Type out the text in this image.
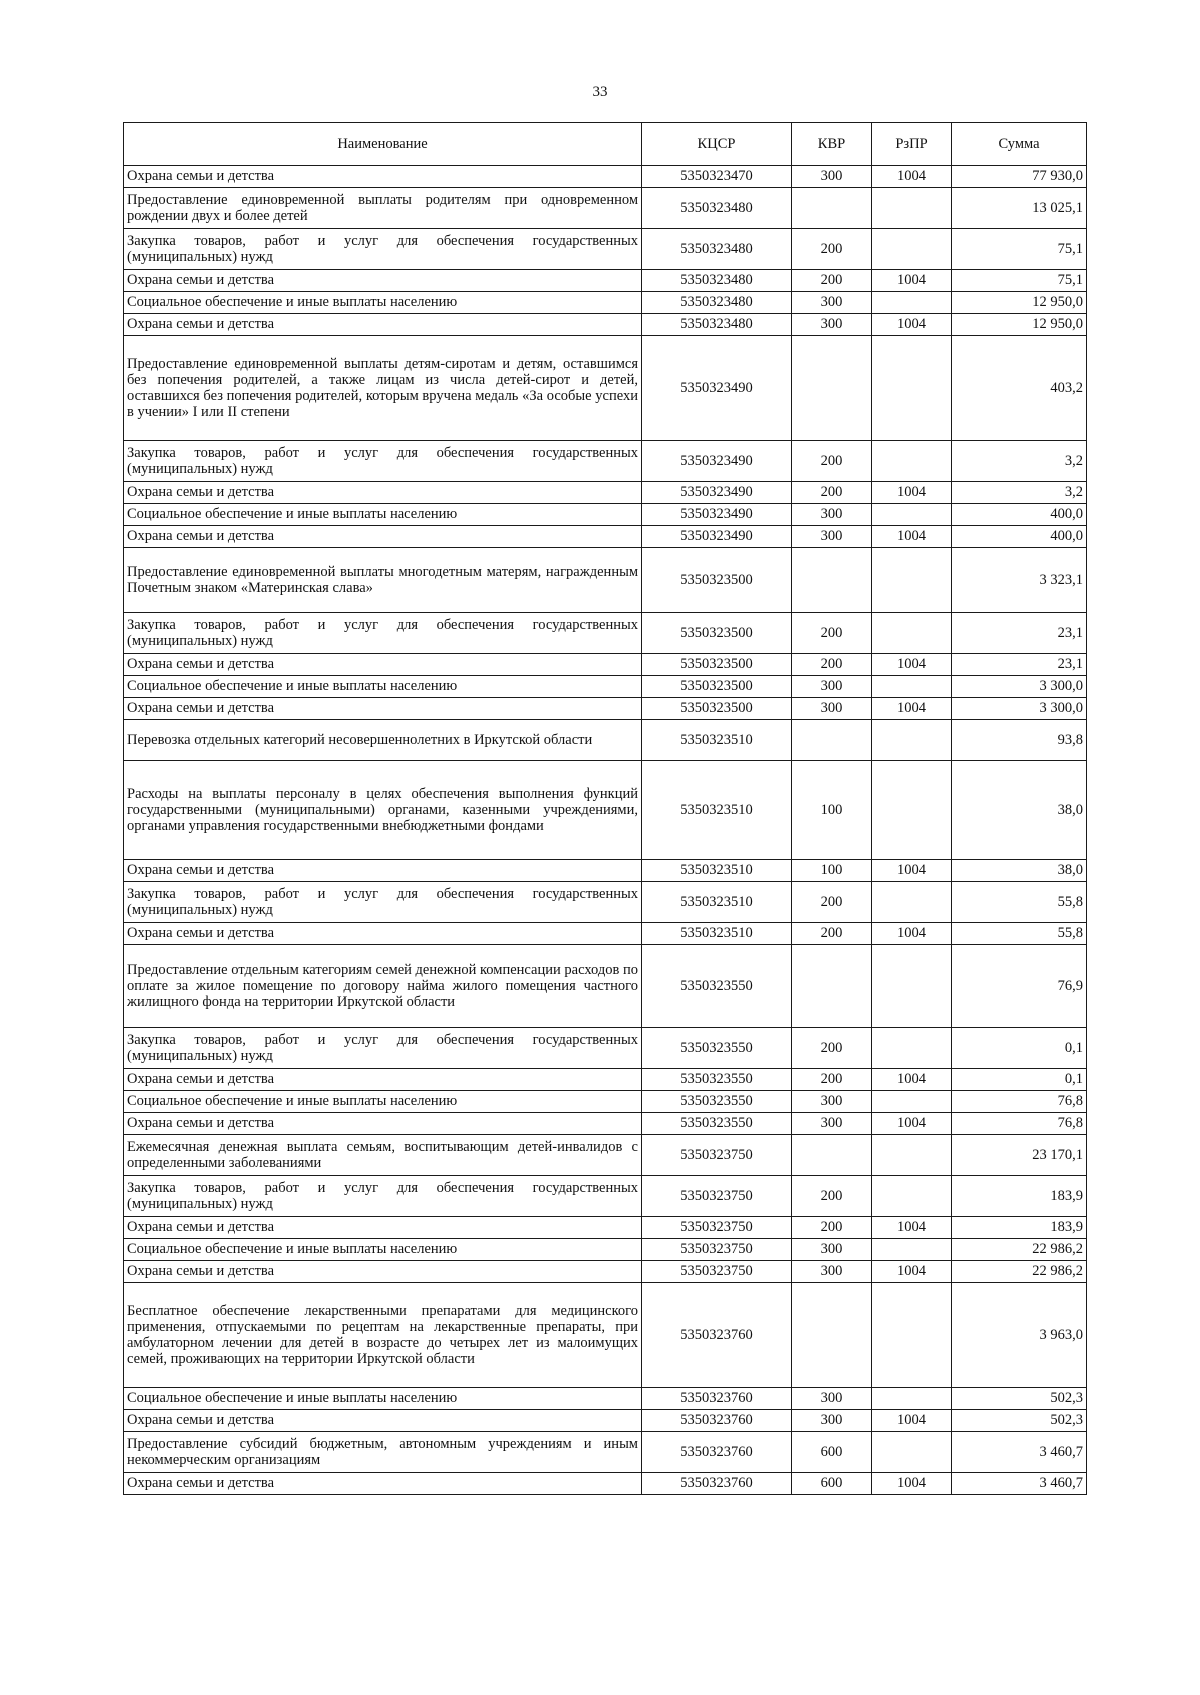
33
Наименование	КЦСР	КВР	РзПР	Сумма
Охрана семьи и детства	5350323470	300	1004	77 930,0
Предоставление единовременной выплаты родителям при одновременном рождении двух и более детей	5350323480			13 025,1
Закупка товаров, работ и услуг для обеспечения государственных (муниципальных) нужд	5350323480	200		75,1
Охрана семьи и детства	5350323480	200	1004	75,1
Социальное обеспечение и иные выплаты населению	5350323480	300		12 950,0
Охрана семьи и детства	5350323480	300	1004	12 950,0
Предоставление единовременной выплаты детям-сиротам и детям, оставшимся без попечения родителей, а также лицам из числа детей-сирот и детей, оставшихся без попечения родителей, которым вручена медаль «За особые успехи в учении» I или II степени	5350323490			403,2
Закупка товаров, работ и услуг для обеспечения государственных (муниципальных) нужд	5350323490	200		3,2
Охрана семьи и детства	5350323490	200	1004	3,2
Социальное обеспечение и иные выплаты населению	5350323490	300		400,0
Охрана семьи и детства	5350323490	300	1004	400,0
Предоставление единовременной выплаты многодетным матерям, награжденным Почетным знаком «Материнская слава»	5350323500			3 323,1
Закупка товаров, работ и услуг для обеспечения государственных (муниципальных) нужд	5350323500	200		23,1
Охрана семьи и детства	5350323500	200	1004	23,1
Социальное обеспечение и иные выплаты населению	5350323500	300		3 300,0
Охрана семьи и детства	5350323500	300	1004	3 300,0
Перевозка отдельных категорий несовершеннолетних в Иркутской области	5350323510			93,8
Расходы на выплаты персоналу в целях обеспечения выполнения функций государственными (муниципальными) органами, казенными учреждениями, органами управления государственными внебюджетными фондами	5350323510	100		38,0
Охрана семьи и детства	5350323510	100	1004	38,0
Закупка товаров, работ и услуг для обеспечения государственных (муниципальных) нужд	5350323510	200		55,8
Охрана семьи и детства	5350323510	200	1004	55,8
Предоставление отдельным категориям семей денежной компенсации расходов по оплате за жилое помещение по договору найма жилого помещения частного жилищного фонда на территории Иркутской области	5350323550			76,9
Закупка товаров, работ и услуг для обеспечения государственных (муниципальных) нужд	5350323550	200		0,1
Охрана семьи и детства	5350323550	200	1004	0,1
Социальное обеспечение и иные выплаты населению	5350323550	300		76,8
Охрана семьи и детства	5350323550	300	1004	76,8
Ежемесячная денежная выплата семьям, воспитывающим детей-инвалидов с определенными заболеваниями	5350323750			23 170,1
Закупка товаров, работ и услуг для обеспечения государственных (муниципальных) нужд	5350323750	200		183,9
Охрана семьи и детства	5350323750	200	1004	183,9
Социальное обеспечение и иные выплаты населению	5350323750	300		22 986,2
Охрана семьи и детства	5350323750	300	1004	22 986,2
Бесплатное обеспечение лекарственными препаратами для медицинского применения, отпускаемыми по рецептам на лекарственные препараты, при амбулаторном лечении для детей в возрасте до четырех лет из малоимущих семей, проживающих на территории Иркутской области	5350323760			3 963,0
Социальное обеспечение и иные выплаты населению	5350323760	300		502,3
Охрана семьи и детства	5350323760	300	1004	502,3
Предоставление субсидий бюджетным, автономным учреждениям и иным некоммерческим организациям	5350323760	600		3 460,7
Охрана семьи и детства	5350323760	600	1004	3 460,7
